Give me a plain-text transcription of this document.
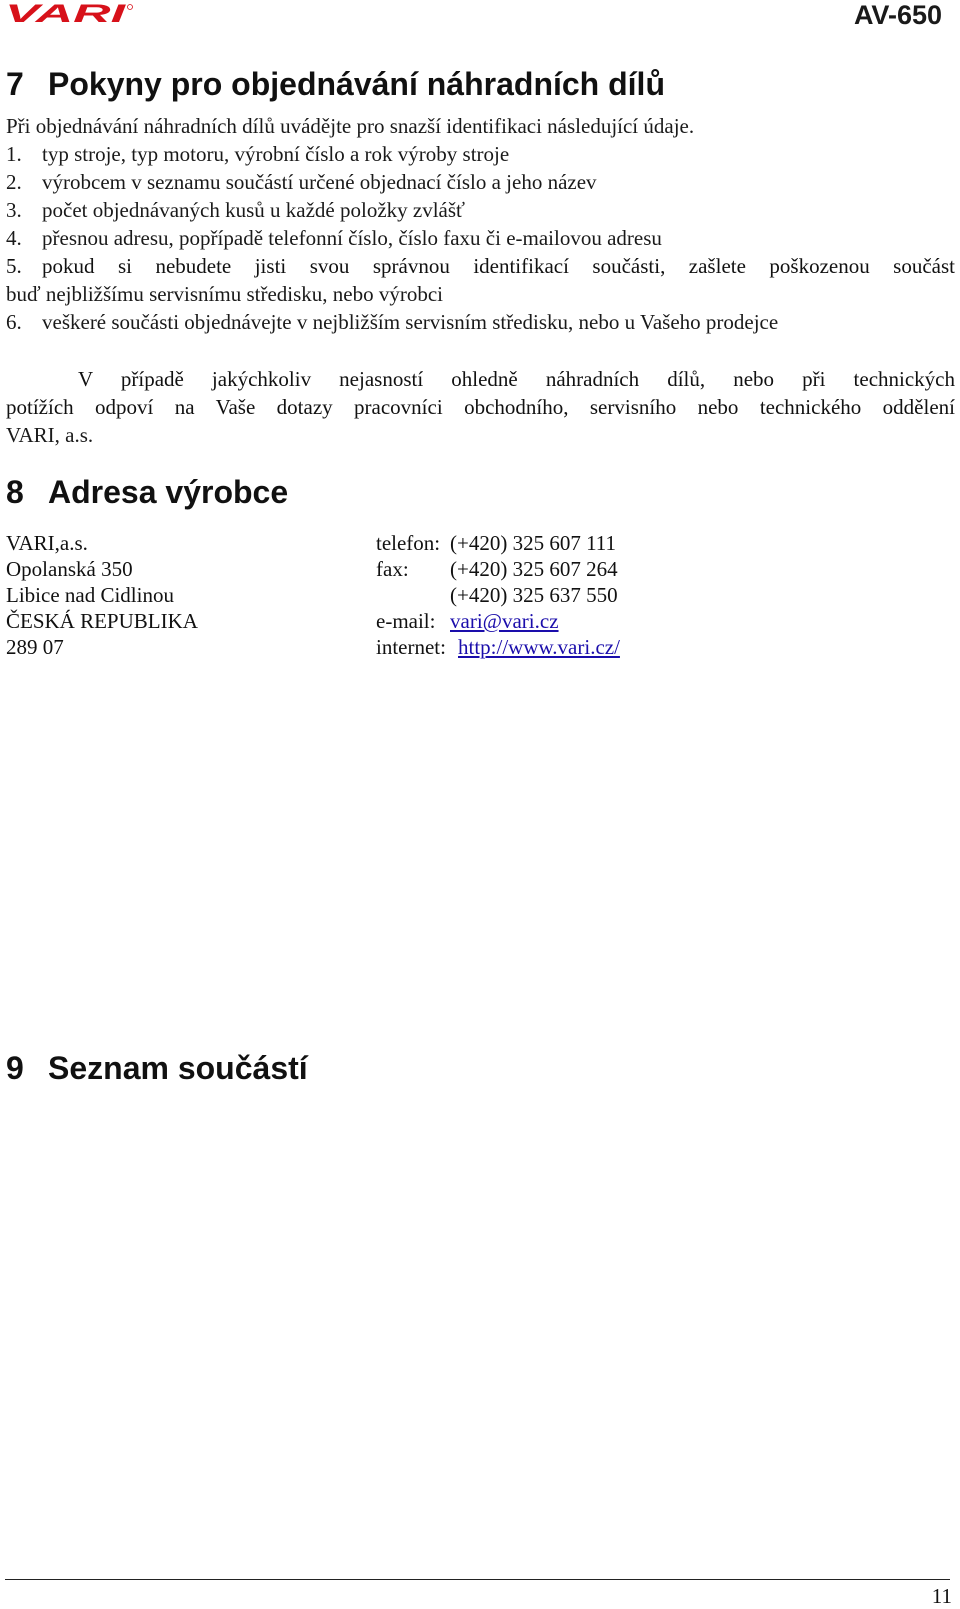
VARI	AV-650
7 Pokyny pro objednávání náhradních dílů
Při objednávání náhradních dílů uvádějte pro snazší identifikaci následující údaje.
1. typ stroje, typ motoru, výrobní číslo a rok výroby stroje
2. výrobcem v seznamu součástí určené objednací číslo a jeho název
3. počet objednávaných kusů u každé položky zvlášť
4. přesnou adresu, popřípadě telefonní číslo, číslo faxu či e-mailovou adresu
5. pokud si nebudete jisti svou správnou identifikací součásti, zašlete poškozenou součást
buď nejbližšímu servisnímu středisku, nebo výrobci
6. veškeré součásti objednávejte v nejbližším servisním středisku, nebo u Vašeho prodejce
V případě jakýchkoliv nejasností ohledně náhradních dílů, nebo při technických
potížích odpoví na Vaše dotazy pracovníci obchodního, servisního nebo technického oddělení
VARI, a.s.
8 Adresa výrobce
VARI,a.s.
Opolanská 350
Libice nad Cidlinou
ČESKÁ REPUBLIKA
289 07
telefon: (+420) 325 607 111
fax: (+420) 325 607 264
(+420) 325 637 550
e-mail: vari@vari.cz
internet: http://www.vari.cz/
9 Seznam součástí
11
